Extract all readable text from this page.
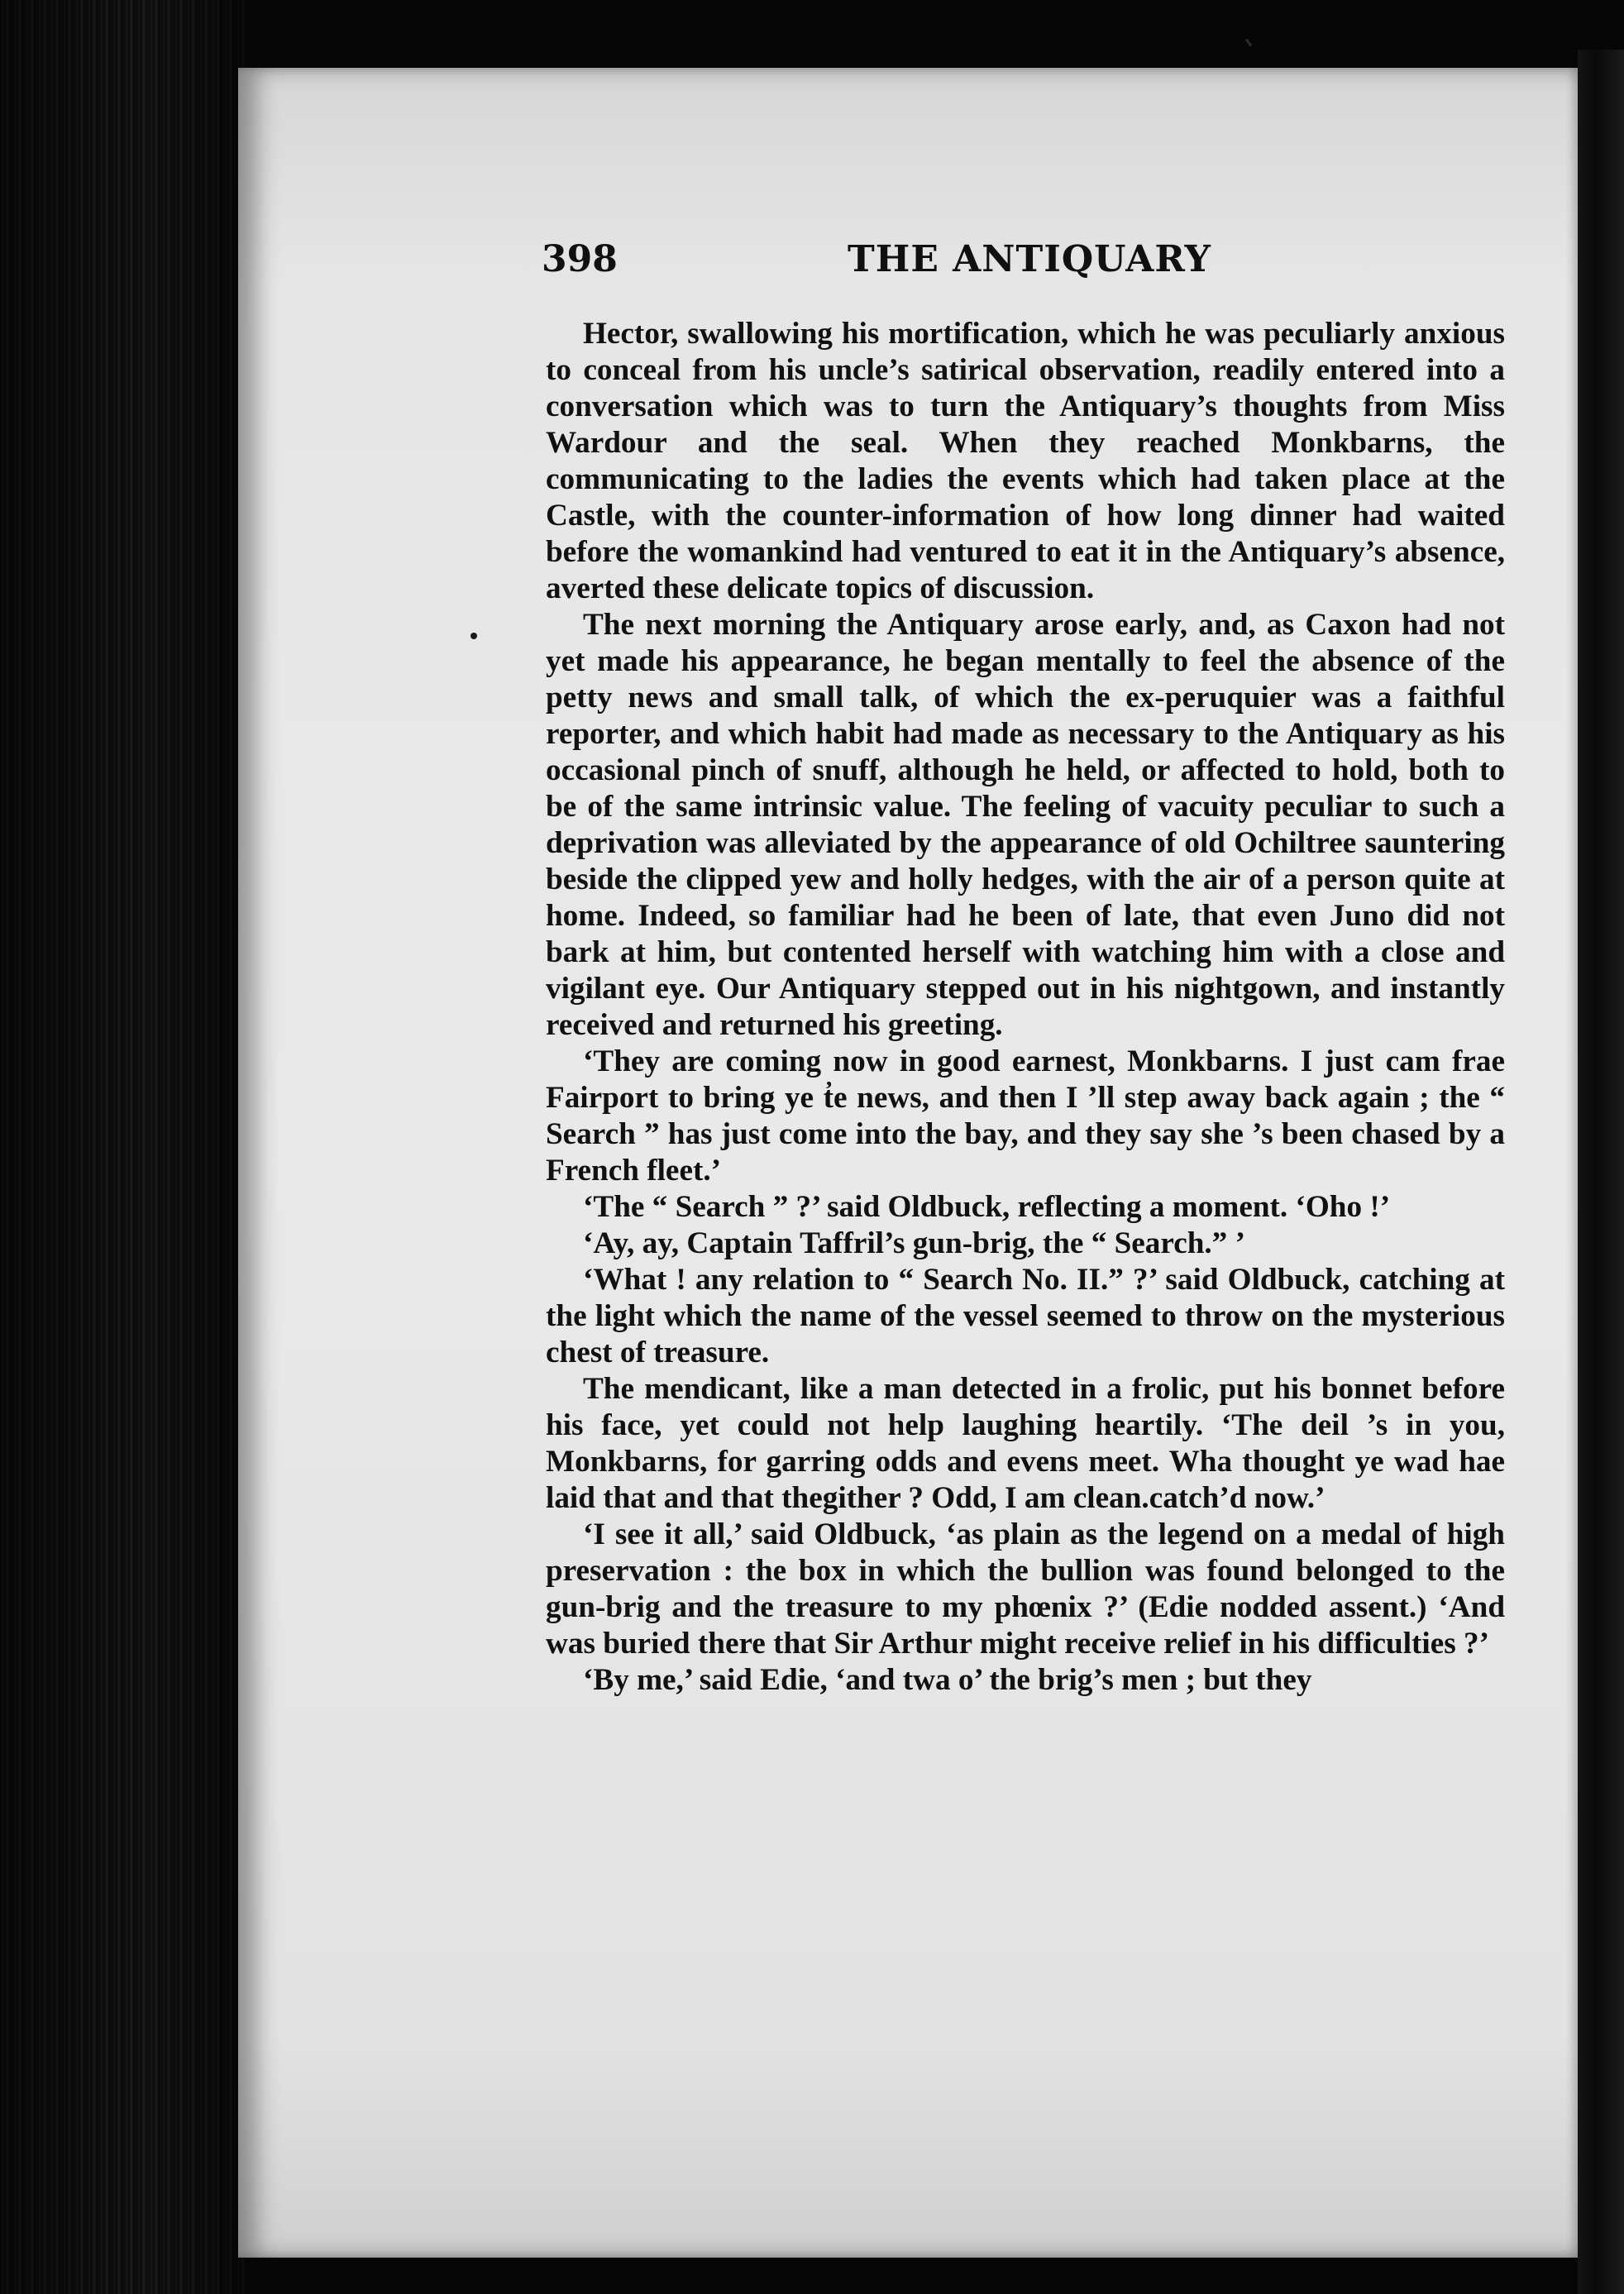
398	THE ANTIQUARY

Hector, swallowing his mortification, which he was peculiarly anxious to conceal from his uncle’s satirical observation, readily entered into a conversation which was to turn the Antiquary’s thoughts from Miss Wardour and the seal. When they reached Monkbarns, the communicating to the ladies the events which had taken place at the Castle, with the counter-information of how long dinner had waited before the womankind had ventured to eat it in the Antiquary’s absence, averted these delicate topics of discussion.

The next morning the Antiquary arose early, and, as Caxon had not yet made his appearance, he began mentally to feel the absence of the petty news and small talk, of which the ex-peruquier was a faithful reporter, and which habit had made as necessary to the Antiquary as his occasional pinch of snuff, although he held, or affected to hold, both to be of the same intrinsic value. The feeling of vacuity peculiar to such a deprivation was alleviated by the appearance of old Ochiltree sauntering beside the clipped yew and holly hedges, with the air of a person quite at home. Indeed, so familiar had he been of late, that even Juno did not bark at him, but contented herself with watching him with a close and vigilant eye. Our Antiquary stepped out in his nightgown, and instantly received and returned his greeting.

‘They are coming now in good earnest, Monkbarns. I just cam frae Fairport to bring ye t̓e news, and then I ’ll step away back again ; the “ Search ” has just come into the bay, and they say she ’s been chased by a French fleet.’

‘The “ Search ” ?’ said Oldbuck, reflecting a moment. ‘Oho !’

‘Ay, ay, Captain Taffril’s gun-brig, the “ Search.” ’

‘What ! any relation to “ Search No. II.” ?’ said Oldbuck, catching at the light which the name of the vessel seemed to throw on the mysterious chest of treasure.

The mendicant, like a man detected in a frolic, put his bonnet before his face, yet could not help laughing heartily. ‘The deil ’s in you, Monkbarns, for garring odds and evens meet. Wha thought ye wad hae laid that and that thegither ? Odd, I am clean.catch’d now.’

‘I see it all,’ said Oldbuck, ‘as plain as the legend on a medal of high preservation : the box in which the bullion was found belonged to the gun-brig and the treasure to my phœnix ?’ (Edie nodded assent.) ‘And was buried there that Sir Arthur might receive relief in his difficulties ?’

‘By me,’ said Edie, ‘and twa o’ the brig’s men ; but they
